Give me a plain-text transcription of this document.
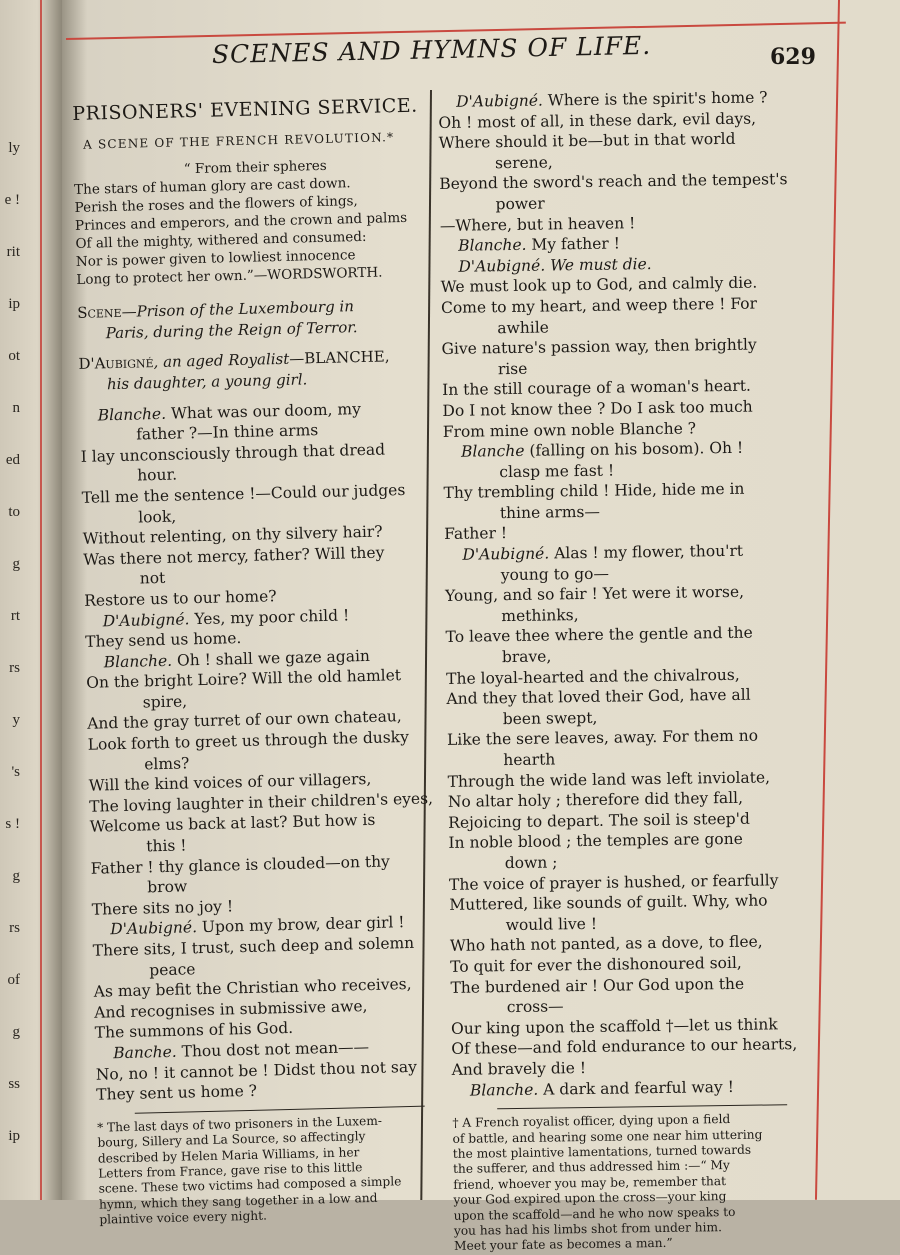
ly
e !
rit
ip
ot
n
ed
to
g
rt
rs
y
's
s !
g
rs
of
g
ss
ip
SCENES AND HYMNS OF LIFE.	629
PRISONERS' EVENING SERVICE.
A SCENE OF THE FRENCH REVOLUTION.*
“ From their spheres
The stars of human glory are cast down.
Perish the roses and the flowers of kings,
Princes and emperors, and the crown and palms
Of all the mighty, withered and consumed:
Nor is power given to lowliest innocence
Long to protect her own.”—WORDSWORTH.
Scene—Prison of the Luxembourg in
Paris, during the Reign of Terror.
D'Aubigné, an aged Royalist—BLANCHE,
his daughter, a young girl.
Blanche. What was our doom, my
father ?—In thine arms
I lay unconsciously through that dread
hour.
Tell me the sentence !—Could our judges
look,
Without relenting, on thy silvery hair?
Was there not mercy, father? Will they
not
Restore us to our home?
D'Aubigné. Yes, my poor child !
They send us home.
Blanche. Oh ! shall we gaze again
On the bright Loire? Will the old hamlet
spire,
And the gray turret of our own chateau,
Look forth to greet us through the dusky
elms?
Will the kind voices of our villagers,
The loving laughter in their children's eyes,
Welcome us back at last? But how is
this !
Father ! thy glance is clouded—on thy
brow
There sits no joy !
D'Aubigné. Upon my brow, dear girl !
There sits, I trust, such deep and solemn
peace
As may befit the Christian who receives,
And recognises in submissive awe,
The summons of his God.
Banche. Thou dost not mean——
No, no ! it cannot be ! Didst thou not say
They sent us home ?
* The last days of two prisoners in the Luxem-
bourg, Sillery and La Source, so affectingly
described by Helen Maria Williams, in her
Letters from France, gave rise to this little
scene. These two victims had composed a simple
hymn, which they sang together in a low and
plaintive voice every night.
D'Aubigné. Where is the spirit's home ?
Oh ! most of all, in these dark, evil days,
Where should it be—but in that world
serene,
Beyond the sword's reach and the tempest's
power
—Where, but in heaven !
Blanche. My father !
D'Aubigné. We must die.
We must look up to God, and calmly die.
Come to my heart, and weep there ! For
awhile
Give nature's passion way, then brightly
rise
In the still courage of a woman's heart.
Do I not know thee ? Do I ask too much
From mine own noble Blanche ?
Blanche (falling on his bosom). Oh !
clasp me fast !
Thy trembling child ! Hide, hide me in
thine arms—
Father !
D'Aubigné. Alas ! my flower, thou'rt
young to go—
Young, and so fair ! Yet were it worse,
methinks,
To leave thee where the gentle and the
brave,
The loyal-hearted and the chivalrous,
And they that loved their God, have all
been swept,
Like the sere leaves, away. For them no
hearth
Through the wide land was left inviolate,
No altar holy ; therefore did they fall,
Rejoicing to depart. The soil is steep'd
In noble blood ; the temples are gone
down ;
The voice of prayer is hushed, or fearfully
Muttered, like sounds of guilt. Why, who
would live !
Who hath not panted, as a dove, to flee,
To quit for ever the dishonoured soil,
The burdened air ! Our God upon the
cross—
Our king upon the scaffold †—let us think
Of these—and fold endurance to our hearts,
And bravely die !
Blanche. A dark and fearful way !
† A French royalist officer, dying upon a field
of battle, and hearing some one near him uttering
the most plaintive lamentations, turned towards
the sufferer, and thus addressed him :—“ My
friend, whoever you may be, remember that
your God expired upon the cross—your king
upon the scaffold—and he who now speaks to
you has had his limbs shot from under him.
Meet your fate as becomes a man.”
